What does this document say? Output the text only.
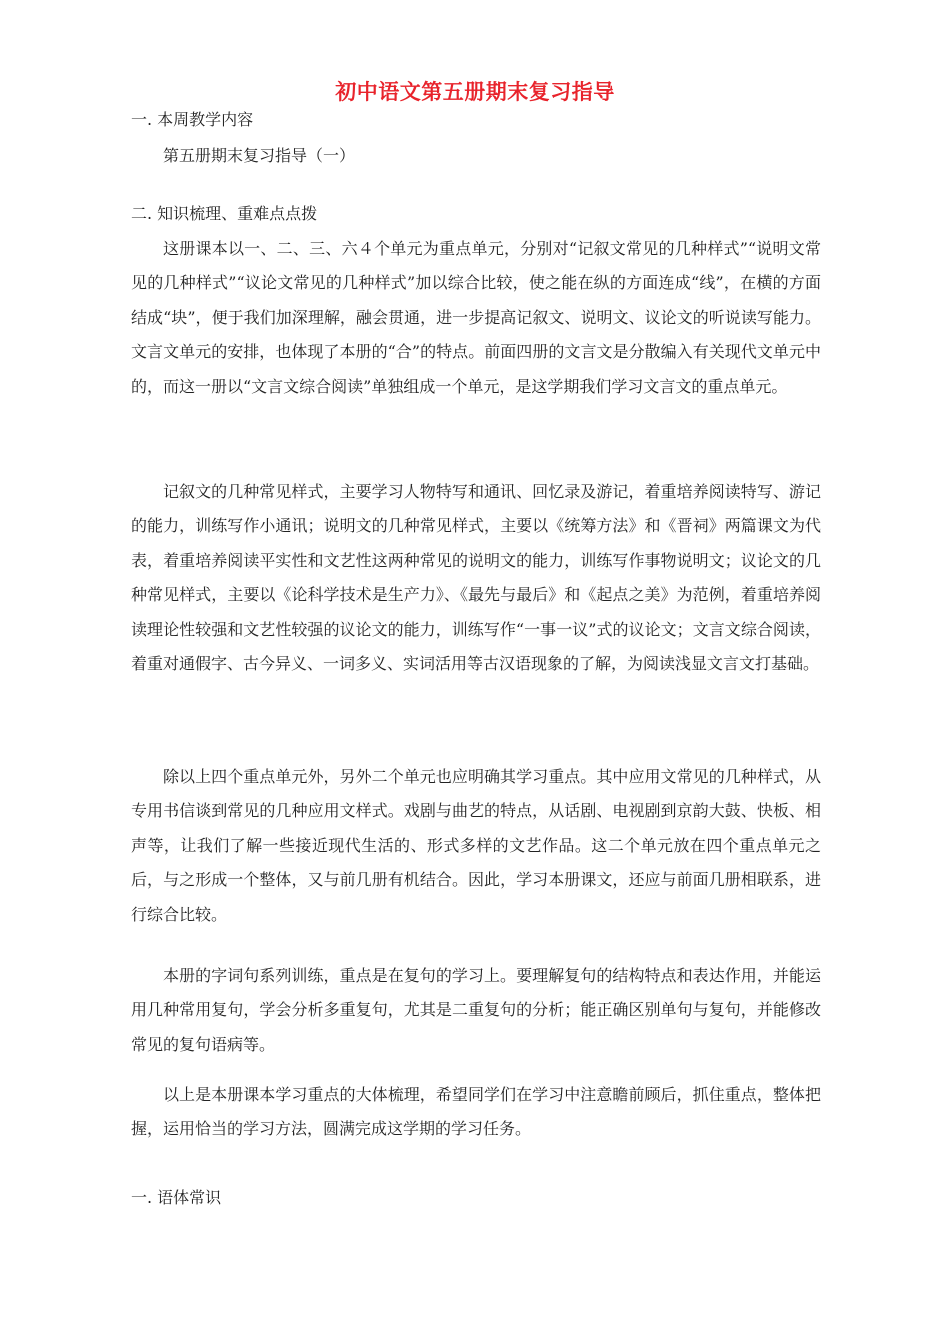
初中语文第五册期末复习指导

一. 本周教学内容

第五册期末复习指导（一）

二. 知识梳理、重难点点拨

这册课本以一、二、三、六４个单元为重点单元，分别对“记叙文常见的几种样式”“说明文常见的几种样式”“议论文常见的几种样式”加以综合比较，使之能在纵的方面连成“线”，在横的方面结成“块”，便于我们加深理解，融会贯通，进一步提高记叙文、说明文、议论文的听说读写能力。文言文单元的安排，也体现了本册的“合”的特点。前面四册的文言文是分散编入有关现代文单元中的，而这一册以“文言文综合阅读”单独组成一个单元，是这学期我们学习文言文的重点单元。

记叙文的几种常见样式，主要学习人物特写和通讯、回忆录及游记，着重培养阅读特写、游记的能力，训练写作小通讯；说明文的几种常见样式，主要以《统筹方法》和《晋祠》两篇课文为代表，着重培养阅读平实性和文艺性这两种常见的说明文的能力，训练写作事物说明文；议论文的几种常见样式，主要以《论科学技术是生产力》、《最先与最后》和《起点之美》为范例，着重培养阅读理论性较强和文艺性较强的议论文的能力，训练写作“一事一议”式的议论文；文言文综合阅读，着重对通假字、古今异义、一词多义、实词活用等古汉语现象的了解，为阅读浅显文言文打基础。

除以上四个重点单元外，另外二个单元也应明确其学习重点。其中应用文常见的几种样式，从专用书信谈到常见的几种应用文样式。戏剧与曲艺的特点，从话剧、电视剧到京韵大鼓、快板、相声等，让我们了解一些接近现代生活的、形式多样的文艺作品。这二个单元放在四个重点单元之后，与之形成一个整体，又与前几册有机结合。因此，学习本册课文，还应与前面几册相联系，进行综合比较。

本册的字词句系列训练，重点是在复句的学习上。要理解复句的结构特点和表达作用，并能运用几种常用复句，学会分析多重复句，尤其是二重复句的分析；能正确区别单句与复句，并能修改常见的复句语病等。

以上是本册课本学习重点的大体梳理，希望同学们在学习中注意瞻前顾后，抓住重点，整体把握，运用恰当的学习方法，圆满完成这学期的学习任务。

一. 语体常识
